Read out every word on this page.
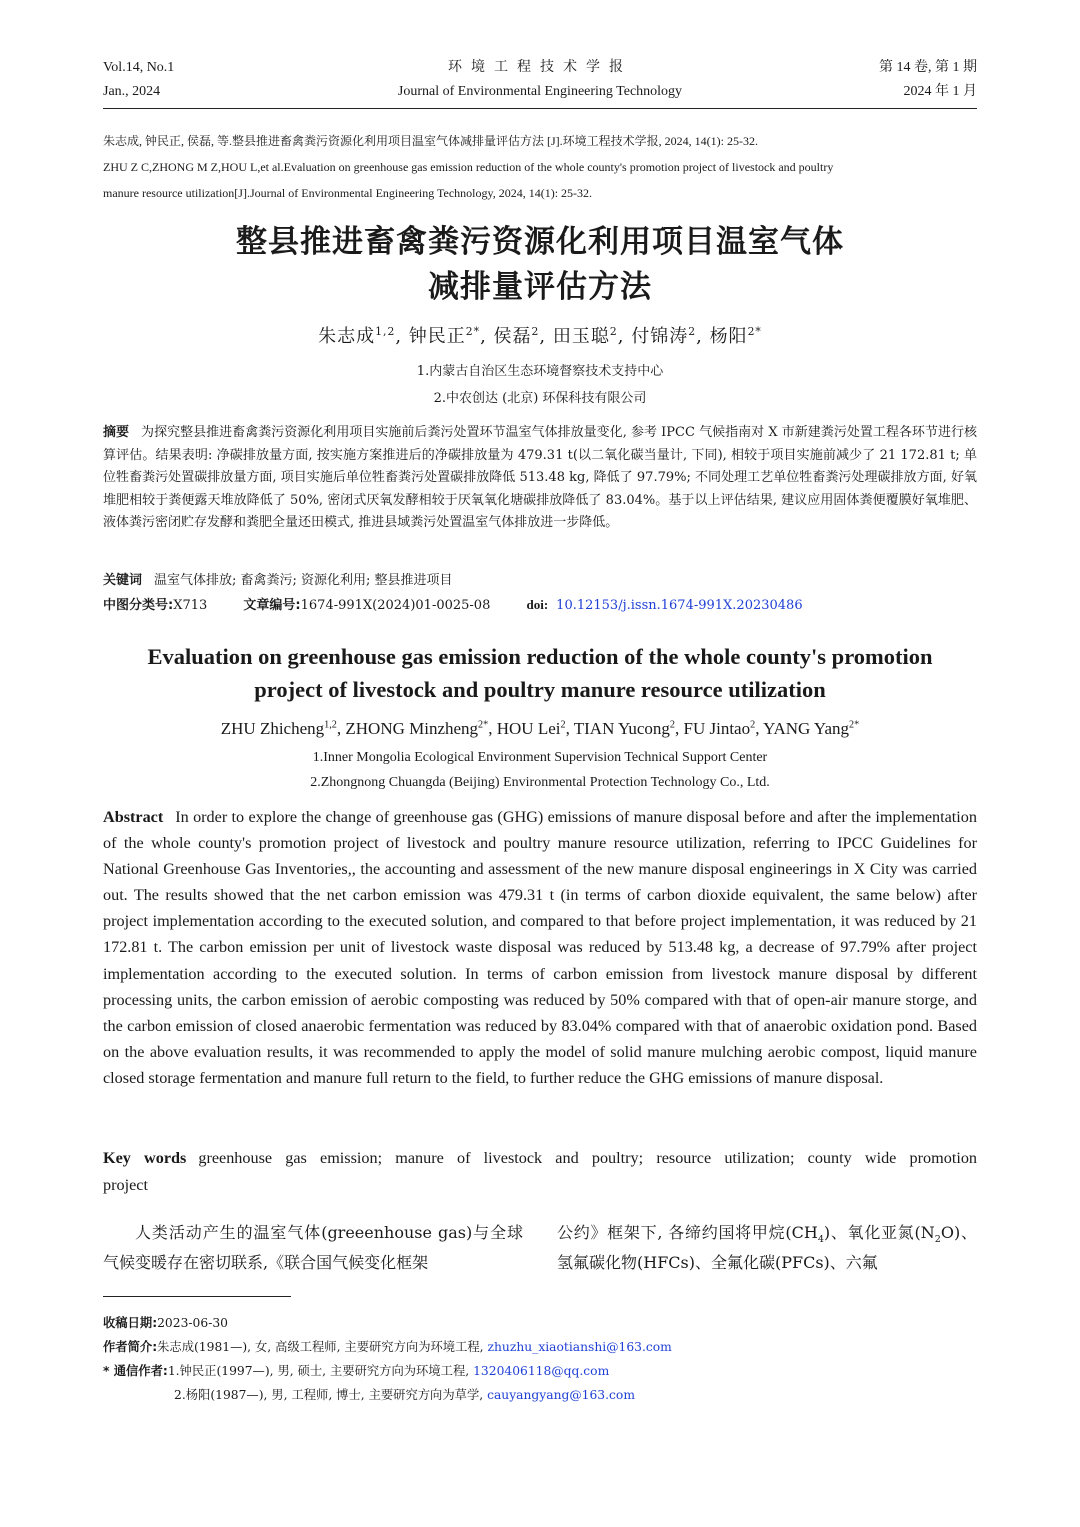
Vol.14, No.1
Jan., 2024
环境工程技术学报
Journal of Environmental Engineering Technology
第 14 卷, 第 1 期
2024 年 1 月
朱志成, 钟民正, 侯磊, 等.整县推进畜禽粪污资源化利用项目温室气体减排量评估方法 [J].环境工程技术学报, 2024, 14(1): 25-32.
ZHU Z C,ZHONG M Z,HOU L,et al.Evaluation on greenhouse gas emission reduction of the whole county's promotion project of livestock and poultry
manure resource utilization[J].Journal of Environmental Engineering Technology, 2024, 14(1): 25-32.
整县推进畜禽粪污资源化利用项目温室气体
减排量评估方法
朱志成$^{1,2}$, 钟民正$^{2*}$, 侯磊$^2$, 田玉聪$^2$, 付锦涛$^2$, 杨阳$^{2*}$
1.内蒙古自治区生态环境督察技术支持中心
2.中农创达 (北京) 环保科技有限公司
摘要 为探究整县推进畜禽粪污资源化利用项目实施前后粪污处置环节温室气体排放量变化, 参考 IPCC 气候指南对 X 市新建粪污处置工程各环节进行核算评估。结果表明: 净碳排放量方面, 按实施方案推进后的净碳排放量为 479.31 t(以二氧化碳当量计, 下同), 相较于项目实施前减少了 21 172.81 t; 单位牲畜粪污处置碳排放量方面, 项目实施后单位牲畜粪污处置碳排放降低 513.48 kg, 降低了 97.79%; 不同处理工艺单位牲畜粪污处理碳排放方面, 好氧堆肥相较于粪便露天堆放降低了 50%, 密闭式厌氧发酵相较于厌氧氧化塘碳排放降低了 83.04%。基于以上评估结果, 建议应用固体粪便覆膜好氧堆肥、液体粪污密闭贮存发酵和粪肥全量还田模式, 推进县域粪污处置温室气体排放进一步降低。
关键词 温室气体排放; 畜禽粪污; 资源化利用; 整县推进项目
中图分类号:X713	文章编号:1674-991X(2024)01-0025-08	doi: 10.12153/j.issn.1674-991X.20230486
Evaluation on greenhouse gas emission reduction of the whole county's promotion
project of livestock and poultry manure resource utilization
ZHU Zhicheng$^{1,2}$, ZHONG Minzheng$^{2*}$, HOU Lei$^2$, TIAN Yucong$^2$, FU Jintao$^2$, YANG Yang$^{2*}$
1.Inner Mongolia Ecological Environment Supervision Technical Support Center
2.Zhongnong Chuangda (Beijing) Environmental Protection Technology Co., Ltd.
Abstract In order to explore the change of greenhouse gas (GHG) emissions of manure disposal before and after the implementation of the whole county's promotion project of livestock and poultry manure resource utilization, referring to IPCC Guidelines for National Greenhouse Gas Inventories,, the accounting and assessment of the new manure disposal engineerings in X City was carried out. The results showed that the net carbon emission was 479.31 t (in terms of carbon dioxide equivalent, the same below) after project implementation according to the executed solution, and compared to that before project implementation, it was reduced by 21 172.81 t. The carbon emission per unit of livestock waste disposal was reduced by 513.48 kg, a decrease of 97.79% after project implementation according to the executed solution. In terms of carbon emission from livestock manure disposal by different processing units, the carbon emission of aerobic composting was reduced by 50% compared with that of open-air manure storge, and the carbon emission of closed anaerobic fermentation was reduced by 83.04% compared with that of anaerobic oxidation pond. Based on the above evaluation results, it was recommended to apply the model of solid manure mulching aerobic compost, liquid manure closed storage fermentation and manure full return to the field, to further reduce the GHG emissions of manure disposal.
Key words greenhouse gas emission; manure of livestock and poultry; resource utilization; county wide promotion project
人类活动产生的温室气体(greeenhouse gas)与全球气候变暖存在密切联系,《联合国气候变化框架
公约》框架下, 各缔约国将甲烷$(CH_4)$、氧化亚氮$(N_2O)$、氢氟碳化物(HFCs)、全氟化碳(PFCs)、六氟
收稿日期:2023-06-30
作者简介:朱志成(1981—), 女, 高级工程师, 主要研究方向为环境工程, zhuzhu_xiaotianshi@163.com
* 通信作者:1.钟民正(1997—), 男, 硕士, 主要研究方向为环境工程, 1320406118@qq.com
2.杨阳(1987—), 男, 工程师, 博士, 主要研究方向为草学, cauyangyang@163.com
